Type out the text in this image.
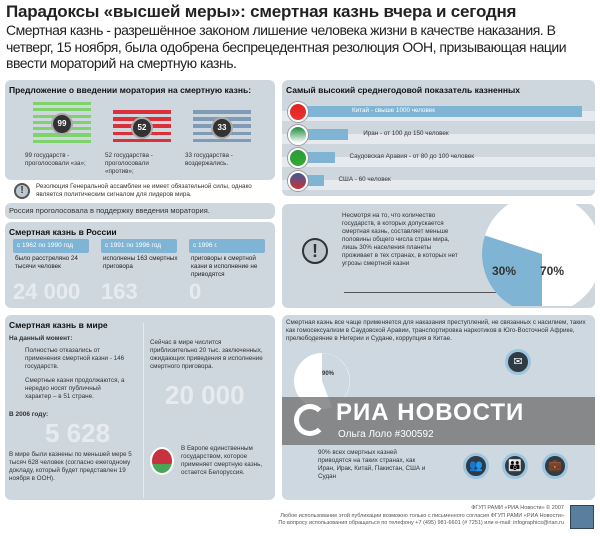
Парадоксы «высшей меры»: смертная казнь вчера и сегодня
Смертная казнь - разрешённое законом лишение человека жизни в качестве наказания. В четверг, 15 ноября, была одобрена беспрецедентная резолюция ООН, призывающая нации ввести мораторий на смертную казнь.
Предложение о введении моратория на смертную казнь:
99
99 государств - проголосовали «за»;
52
52 государства - проголосовали «против»;
33
33 государства - воздержались.
!	Резолюция Генеральной ассамблеи не имеет обязательной силы, однако является политическим сигналом для лидеров мира.
Россия проголосовала в поддержку введения моратория.
Самый высокий среднегодовой показатель казненных
Китай - свыше 1000 человек
Иран - от 100 до 150 человек
Саудовская Аравия - от 80 до 100 человек
США - 60 человек
Смертная казнь в России
с 1962 по 1990 год
было расстреляно 24 тысячи человек
24 000
с 1991 по 1996 год
исполнены 163 смертных приговора
163
с 1996 г.
приговоры к смертной казни в исполнение не приводятся
0
!
Несмотря на то, что количество государств, в которых допускается смертная казнь, составляет меньше половины общего числа стран мира, лишь 30% населения планеты проживает в тех странах, в которых нет угрозы смертной казни
30% 70%
Смертная казнь в мире
На данный момент:
Полностью отказались от применения смертной казни - 146 государств.
Смертные казни продолжаются, а нередко носят публичный характер – в 51 стране.
Сейчас в мире числится приблизительно 20 тыс. заключенных, ожидающих приведения в исполнение смертного приговора.
20 000
В 2006 году:
5 628
В мире были казнены по меньшей мере 5 тысяч 628 человек (согласно ежегодному докладу, который будет представлен 19 ноября в ООН).
В Европе единственным государством, которое применяет смертную казнь, остается Белоруссия.
Смертная казнь все чаще применяется для наказания преступлений, не связанных с насилием, таких как гомосексуализм в Саудовской Аравии, транспортировка наркотиков в Юго-Восточной Африке, прелюбодеяние в Нигерии и Судане, коррупция в Китае.
90%
✉
👥	👪	💼
90% всех смертных казней приводятся на таких странах, как Иран, Ирак, Китай, Пакистан, США и Судан
РИА НОВОСТИ
Ольга Лоло #300592
ФГУП РАМИ «РИА Новости» © 2007
Любое использование этой публикации возможно только с письменного согласия ФГУП РАМИ «РИА Новости»
По вопросу использования обращаться по телефону +7 (495) 981-6601 (# 7251) или e-mail: infographics@rian.ru
